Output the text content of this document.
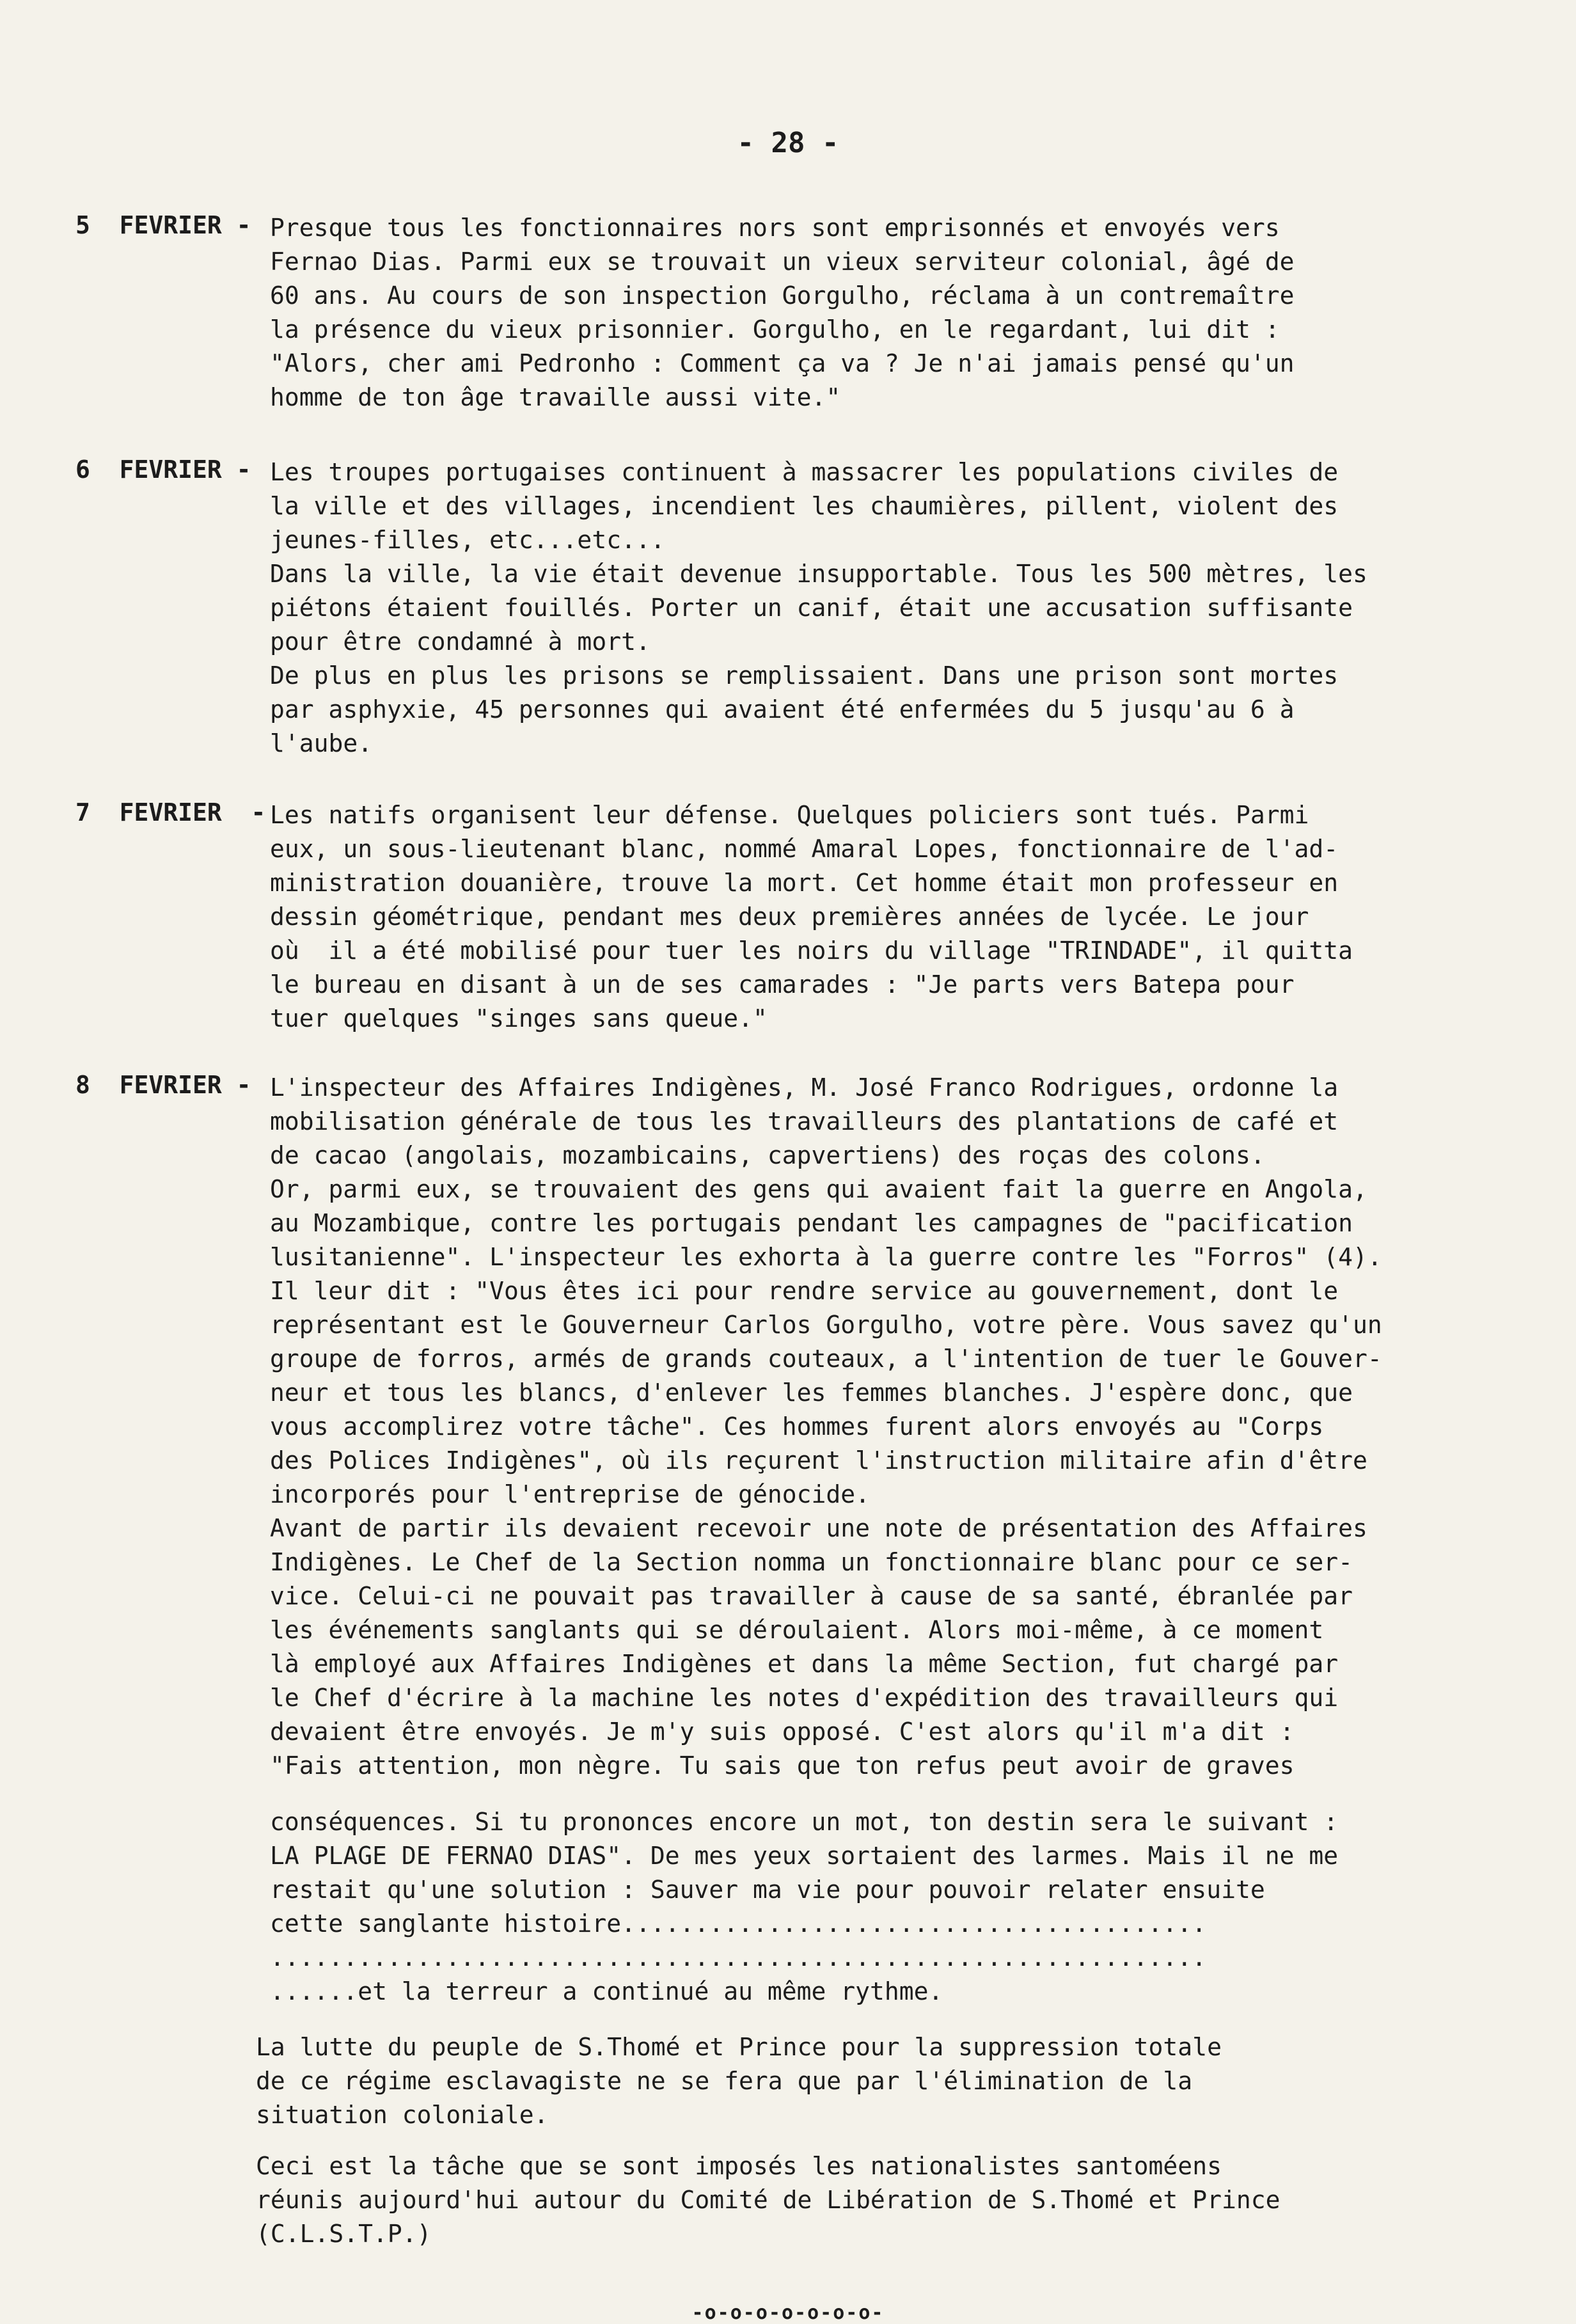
- 28 -
5  FEVRIER - Presque tous les fonctionnaires nors sont emprisonnés et envoyés vers
Fernao Dias. Parmi eux se trouvait un vieux serviteur colonial, âgé de
60 ans. Au cours de son inspection Gorgulho, réclama à un contremaître
la présence du vieux prisonnier. Gorgulho, en le regardant, lui dit :
"Alors, cher ami Pedronho : Comment ça va ? Je n'ai jamais pensé qu'un
homme de ton âge travaille aussi vite."
6  FEVRIER - Les troupes portugaises continuent à massacrer les populations civiles de
la ville et des villages, incendient les chaumières, pillent, violent des
jeunes-filles, etc...etc...
Dans la ville, la vie était devenue insupportable. Tous les 500 mètres, les
piétons étaient fouillés. Porter un canif, était une accusation suffisante
pour être condamné à mort.
De plus en plus les prisons se remplissaient. Dans une prison sont mortes
par asphyxie, 45 personnes qui avaient été enfermées du 5 jusqu'au 6 à
l'aube.
7  FEVRIER  - Les natifs organisent leur défense. Quelques policiers sont tués. Parmi
eux, un sous-lieutenant blanc, nommé Amaral Lopes, fonctionnaire de l'ad-
ministration douanière, trouve la mort. Cet homme était mon professeur en
dessin géométrique, pendant mes deux premières années de lycée. Le jour
où  il a été mobilisé pour tuer les noirs du village "TRINDADE", il quitta
le bureau en disant à un de ses camarades : "Je parts vers Batepa pour
tuer quelques "singes sans queue."
8  FEVRIER - L'inspecteur des Affaires Indigènes, M. José Franco Rodrigues, ordonne la
mobilisation générale de tous les travailleurs des plantations de café et
de cacao (angolais, mozambicains, capvertiens) des roças des colons.
Or, parmi eux, se trouvaient des gens qui avaient fait la guerre en Angola,
au Mozambique, contre les portugais pendant les campagnes de "pacification
lusitanienne". L'inspecteur les exhorta à la guerre contre les "Forros" (4).
Il leur dit : "Vous êtes ici pour rendre service au gouvernement, dont le
représentant est le Gouverneur Carlos Gorgulho, votre père. Vous savez qu'un
groupe de forros, armés de grands couteaux, a l'intention de tuer le Gouver-
neur et tous les blancs, d'enlever les femmes blanches. J'espère donc, que
vous accomplirez votre tâche". Ces hommes furent alors envoyés au "Corps
des Polices Indigènes", où ils reçurent l'instruction militaire afin d'être
incorporés pour l'entreprise de génocide.
Avant de partir ils devaient recevoir une note de présentation des Affaires
Indigènes. Le Chef de la Section nomma un fonctionnaire blanc pour ce ser-
vice. Celui-ci ne pouvait pas travailler à cause de sa santé, ébranlée par
les événements sanglants qui se déroulaient. Alors moi-même, à ce moment
là employé aux Affaires Indigènes et dans la même Section, fut chargé par
le Chef d'écrire à la machine les notes d'expédition des travailleurs qui
devaient être envoyés. Je m'y suis opposé. C'est alors qu'il m'a dit :
"Fais attention, mon nègre. Tu sais que ton refus peut avoir de graves
conséquences. Si tu prononces encore un mot, ton destin sera le suivant :
LA PLAGE DE FERNAO DIAS". De mes yeux sortaient des larmes. Mais il ne me
restait qu'une solution : Sauver ma vie pour pouvoir relater ensuite
cette sanglante histoire........................................
................................................................
......et la terreur a continué au même rythme.
La lutte du peuple de S.Thomé et Prince pour la suppression totale
de ce régime esclavagiste ne se fera que par l'élimination de la
situation coloniale.
Ceci est la tâche que se sont imposés les nationalistes santoméens
réunis aujourd'hui autour du Comité de Libération de S.Thomé et Prince
(C.L.S.T.P.)
-o-o-o-o-o-o-o-
